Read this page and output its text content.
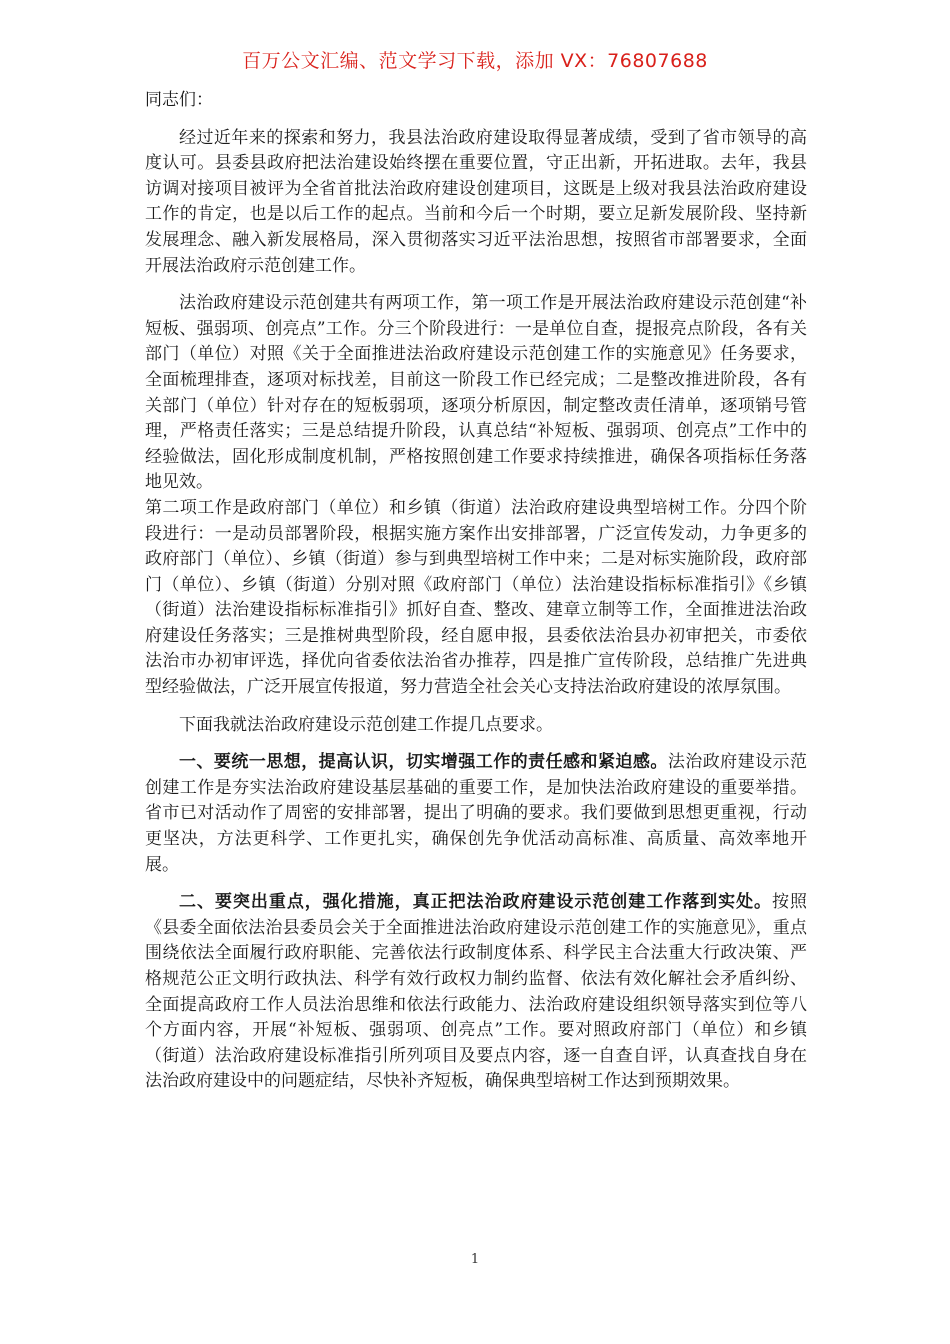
百万公文汇编、范文学习下载，添加 VX：76807688

同志们：

经过近年来的探索和努力，我县法治政府建设取得显著成绩，受到了省市领导的高度认可。县委县政府把法治建设始终摆在重要位置，守正出新，开拓进取。去年，我县访调对接项目被评为全省首批法治政府建设创建项目，这既是上级对我县法治政府建设工作的肯定，也是以后工作的起点。当前和今后一个时期，要立足新发展阶段、坚持新发展理念、融入新发展格局，深入贯彻落实习近平法治思想，按照省市部署要求，全面开展法治政府示范创建工作。

法治政府建设示范创建共有两项工作，第一项工作是开展法治政府建设示范创建“补短板、强弱项、创亮点”工作。分三个阶段进行：一是单位自查，提报亮点阶段，各有关部门（单位）对照《关于全面推进法治政府建设示范创建工作的实施意见》任务要求，全面梳理排查，逐项对标找差，目前这一阶段工作已经完成；二是整改推进阶段，各有关部门（单位）针对存在的短板弱项，逐项分析原因，制定整改责任清单，逐项销号管理，严格责任落实；三是总结提升阶段，认真总结“补短板、强弱项、创亮点”工作中的经验做法，固化形成制度机制，严格按照创建工作要求持续推进，确保各项指标任务落地见效。

第二项工作是政府部门（单位）和乡镇（街道）法治政府建设典型培树工作。分四个阶段进行：一是动员部署阶段，根据实施方案作出安排部署，广泛宣传发动，力争更多的政府部门（单位）、乡镇（街道）参与到典型培树工作中来；二是对标实施阶段，政府部门（单位）、乡镇（街道）分别对照《政府部门（单位）法治建设指标标准指引》《乡镇（街道）法治建设指标标准指引》抓好自查、整改、建章立制等工作，全面推进法治政府建设任务落实；三是推树典型阶段，经自愿申报，县委依法治县办初审把关，市委依法治市办初审评选，择优向省委依法治省办推荐，四是推广宣传阶段，总结推广先进典型经验做法，广泛开展宣传报道，努力营造全社会关心支持法治政府建设的浓厚氛围。

下面我就法治政府建设示范创建工作提几点要求。

一、要统一思想，提高认识，切实增强工作的责任感和紧迫感。法治政府建设示范创建工作是夯实法治政府建设基层基础的重要工作，是加快法治政府建设的重要举措。省市已对活动作了周密的安排部署，提出了明确的要求。我们要做到思想更重视，行动更坚决，方法更科学、工作更扎实，确保创先争优活动高标准、高质量、高效率地开展。

二、要突出重点，强化措施，真正把法治政府建设示范创建工作落到实处。按照《县委全面依法治县委员会关于全面推进法治政府建设示范创建工作的实施意见》，重点围绕依法全面履行政府职能、完善依法行政制度体系、科学民主合法重大行政决策、严格规范公正文明行政执法、科学有效行政权力制约监督、依法有效化解社会矛盾纠纷、全面提高政府工作人员法治思维和依法行政能力、法治政府建设组织领导落实到位等八个方面内容，开展“补短板、强弱项、创亮点”工作。要对照政府部门（单位）和乡镇（街道）法治政府建设标准指引所列项目及要点内容，逐一自查自评，认真查找自身在法治政府建设中的问题症结，尽快补齐短板，确保典型培树工作达到预期效果。

1
